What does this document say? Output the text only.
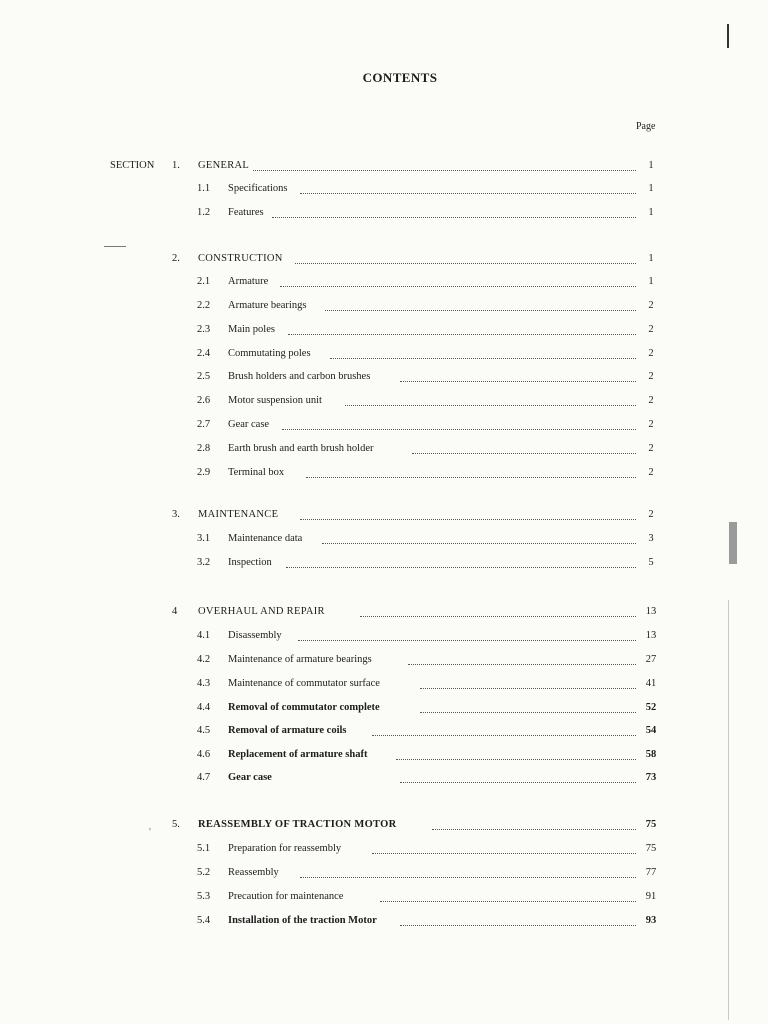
CONTENTS
Page
SECTION 1. GENERAL	1
1.1 Specifications	1
1.2 Features	1
2. CONSTRUCTION	1
2.1 Armature	1
2.2 Armature bearings	2
2.3 Main poles	2
2.4 Commutating poles	2
2.5 Brush holders and carbon brushes	2
2.6 Motor suspension unit	2
2.7 Gear case	2
2.8 Earth brush and earth brush holder	2
2.9 Terminal box	2
3. MAINTENANCE	2
3.1 Maintenance data	3
3.2 Inspection	5
4 OVERHAUL AND REPAIR	13
4.1 Disassembly	13
4.2 Maintenance of armature bearings	27
4.3 Maintenance of commutator surface	41
4.4 Removal of commutator complete	52
4.5 Removal of armature coils	54
4.6 Replacement of armature shaft	58
4.7 Gear case	73
5. REASSEMBLY OF TRACTION MOTOR	75
5.1 Preparation for reassembly	75
5.2 Reassembly	77
5.3 Precaution for maintenance	91
5.4 Installation of the traction Motor	93
’
